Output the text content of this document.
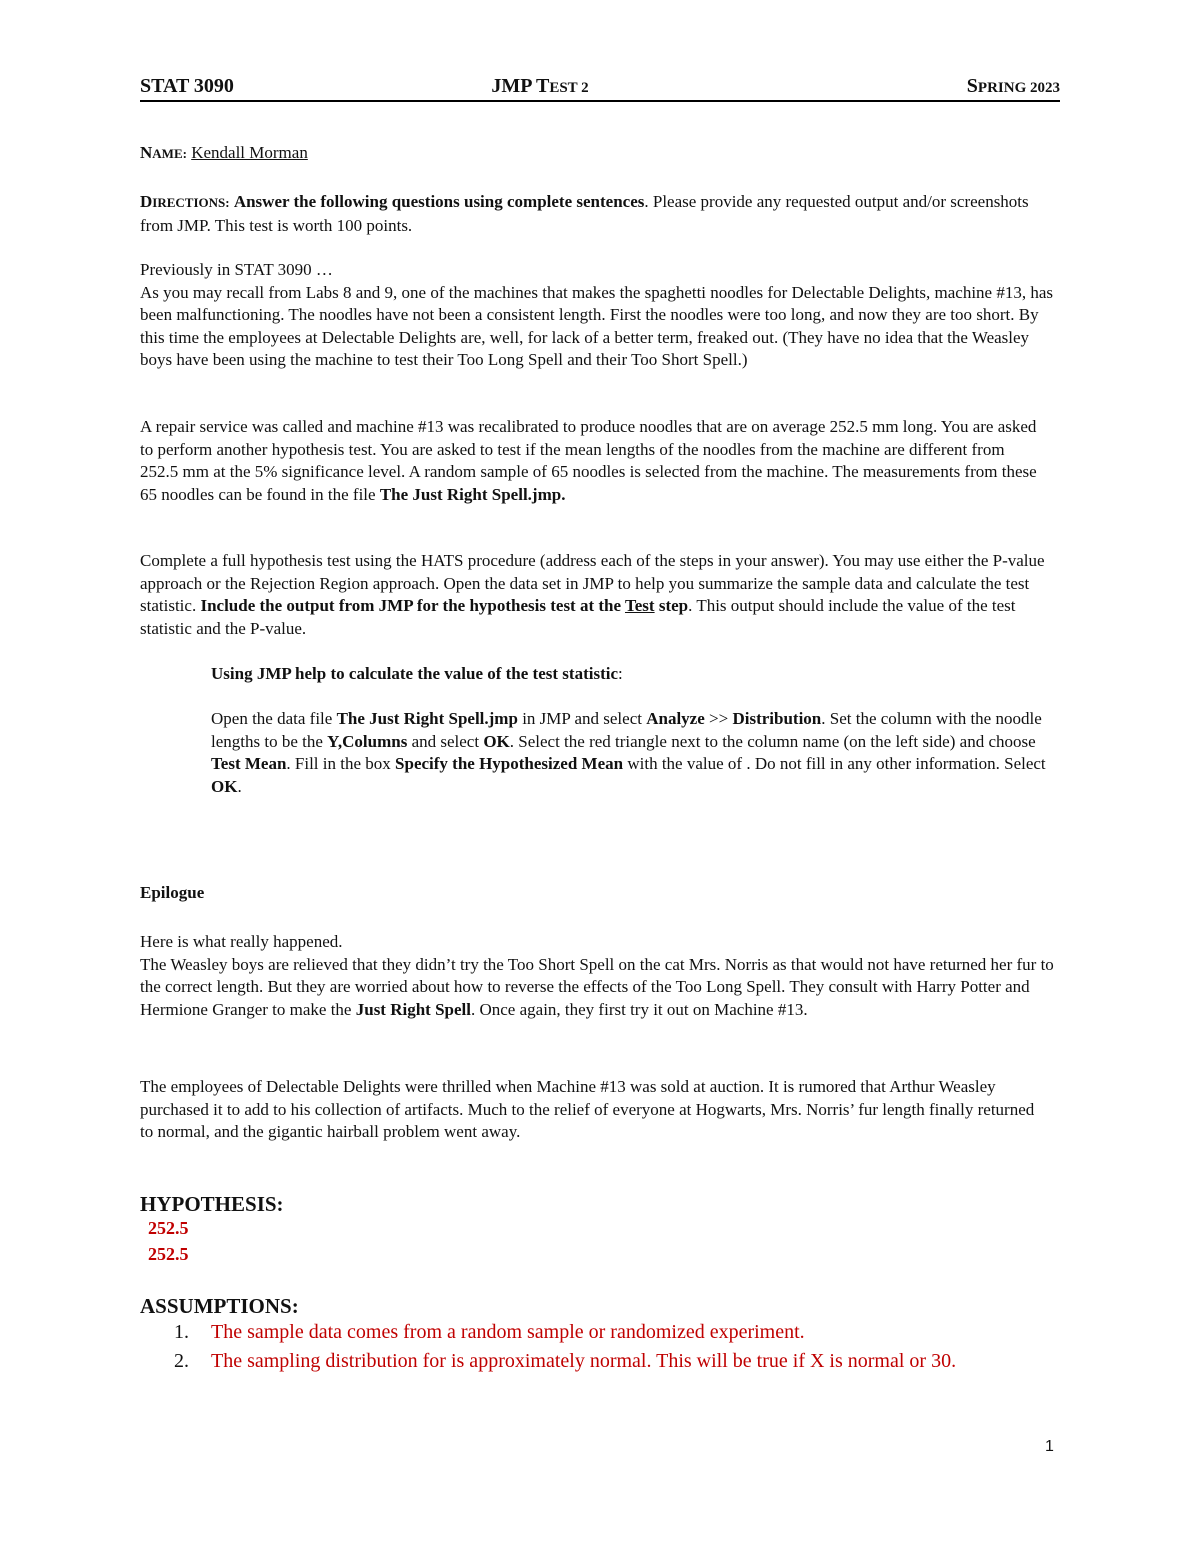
STAT 3090	JMP TEST 2	SPRING 2023
NAME: Kendall Morman

DIRECTIONS: Answer the following questions using complete sentences. Please provide any requested output and/or screenshots from JMP. This test is worth 100 points.

Previously in STAT 3090 …

As you may recall from Labs 8 and 9, one of the machines that makes the spaghetti noodles for Delectable Delights, machine #13, has been malfunctioning. The noodles have not been a consistent length. First the noodles were too long, and now they are too short. By this time the employees at Delectable Delights are, well, for lack of a better term, freaked out. (They have no idea that the Weasley boys have been using the machine to test their Too Long Spell and their Too Short Spell.)

A repair service was called and machine #13 was recalibrated to produce noodles that are on average 252.5 mm long. You are asked to perform another hypothesis test. You are asked to test if the mean lengths of the noodles from the machine are different from 252.5 mm at the 5% significance level. A random sample of 65 noodles is selected from the machine. The measurements from these 65 noodles can be found in the file The Just Right Spell.jmp.

Complete a full hypothesis test using the HATS procedure (address each of the steps in your answer). You may use either the P-value approach or the Rejection Region approach. Open the data set in JMP to help you summarize the sample data and calculate the test statistic. Include the output from JMP for the hypothesis test at the Test step. This output should include the value of the test statistic and the P-value.

Using JMP help to calculate the value of the test statistic:

Open the data file The Just Right Spell.jmp in JMP and select Analyze >> Distribution. Set the column with the noodle lengths to be the Y,Columns and select OK. Select the red triangle next to the column name (on the left side) and choose Test Mean. Fill in the box Specify the Hypothesized Mean with the value of . Do not fill in any other information. Select OK.

Epilogue

Here is what really happened.

The Weasley boys are relieved that they didn’t try the Too Short Spell on the cat Mrs. Norris as that would not have returned her fur to the correct length. But they are worried about how to reverse the effects of the Too Long Spell. They consult with Harry Potter and Hermione Granger to make the Just Right Spell. Once again, they first try it out on Machine #13.

The employees of Delectable Delights were thrilled when Machine #13 was sold at auction. It is rumored that Arthur Weasley purchased it to add to his collection of artifacts. Much to the relief of everyone at Hogwarts, Mrs. Norris’ fur length finally returned to normal, and the gigantic hairball problem went away.

HYPOTHESIS:
252.5
252.5
ASSUMPTIONS:
1. The sample data comes from a random sample or randomized experiment.
2. The sampling distribution for is approximately normal. This will be true if X is normal or 30.
1
